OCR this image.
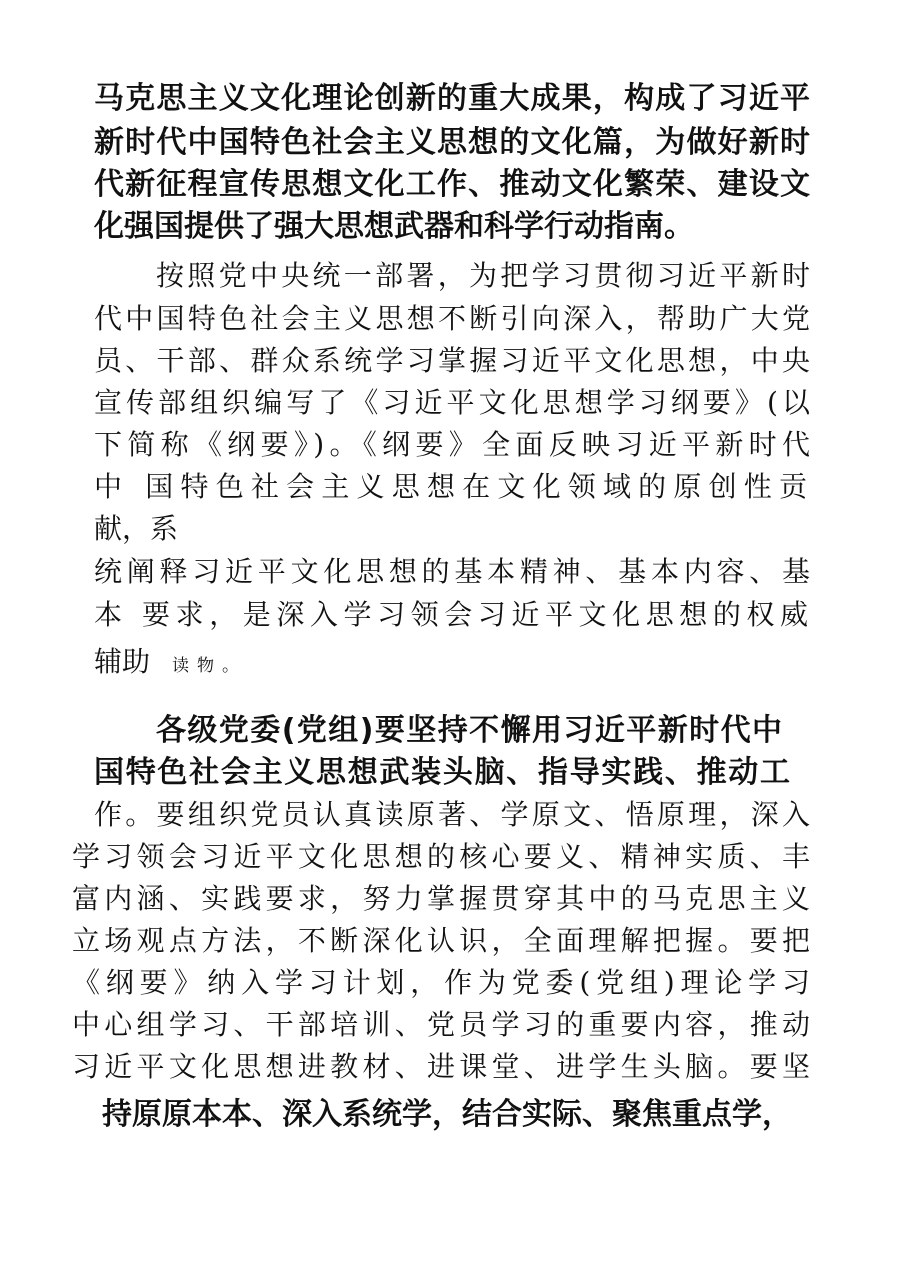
马克思主义文化理论创新的重大成果，构成了习近平

新时代中国特色社会主义思想的文化篇，为做好新时

代新征程宣传思想文化工作、推动文化繁荣、建设文

化强国提供了强大思想武器和科学行动指南。

按照党中央统一部署，为把学习贯彻习近平新时

代中国特色社会主义思想不断引向深入，帮助广大党

员、干部、群众系统学习掌握习近平文化思想，中央

宣传部组织编写了《习近平文化思想学习纲要》(以

下简称《纲要》)。《纲要》全面反映习近平新时代

中 国特色社会主义思想在文化领域的原创性贡

献，系

统阐释习近平文化思想的基本精神、基本内容、基

本 要求，是深入学习领会习近平文化思想的权威

辅助 读物。

各级党委(党组)要坚持不懈用习近平新时代中

国特色社会主义思想武装头脑、指导实践、推动工

作。要组织党员认真读原著、学原文、悟原理，深入

学习领会习近平文化思想的核心要义、精神实质、丰

富内涵、实践要求，努力掌握贯穿其中的马克思主义

立场观点方法，不断深化认识，全面理解把握。要把

《纲要》纳入学习计划，作为党委(党组)理论学习

中心组学习、干部培训、党员学习的重要内容，推动

习近平文化思想进教材、进课堂、进学生头脑。要坚

持原原本本、深入系统学，结合实际、聚焦重点学，
